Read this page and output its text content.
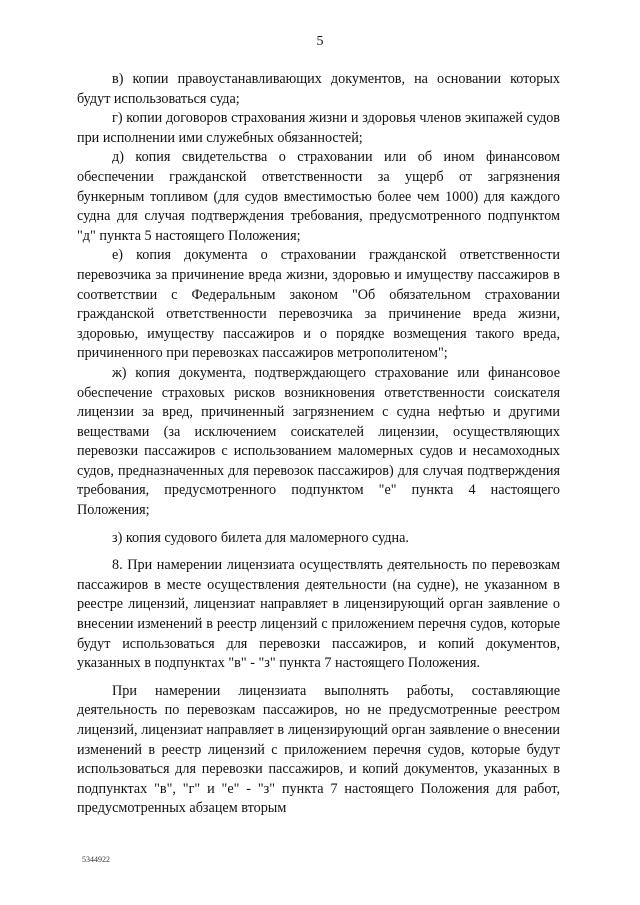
5

в) копии правоустанавливающих документов, на основании которых будут использоваться суда;

г) копии договоров страхования жизни и здоровья членов экипажей судов при исполнении ими служебных обязанностей;

д) копия свидетельства о страховании или об ином финансовом обеспечении гражданской ответственности за ущерб от загрязнения бункерным топливом (для судов вместимостью более чем 1000) для каждого судна для случая подтверждения требования, предусмотренного подпунктом "д" пункта 5 настоящего Положения;

е) копия документа о страховании гражданской ответственности перевозчика за причинение вреда жизни, здоровью и имуществу пассажиров в соответствии с Федеральным законом "Об обязательном страховании гражданской ответственности перевозчика за причинение вреда жизни, здоровью, имуществу пассажиров и о порядке возмещения такого вреда, причиненного при перевозках пассажиров метрополитеном";

ж) копия документа, подтверждающего страхование или финансовое обеспечение страховых рисков возникновения ответственности соискателя лицензии за вред, причиненный загрязнением с судна нефтью и другими веществами (за исключением соискателей лицензии, осуществляющих перевозки пассажиров с использованием маломерных судов и несамоходных судов, предназначенных для перевозок пассажиров) для случая подтверждения требования, предусмотренного подпунктом "е" пункта 4 настоящего Положения;

з) копия судового билета для маломерного судна.

8. При намерении лицензиата осуществлять деятельность по перевозкам пассажиров в месте осуществления деятельности (на судне), не указанном в реестре лицензий, лицензиат направляет в лицензирующий орган заявление о внесении изменений в реестр лицензий с приложением перечня судов, которые будут использоваться для перевозки пассажиров, и копий документов, указанных в подпунктах "в" - "з" пункта 7 настоящего Положения.

При намерении лицензиата выполнять работы, составляющие деятельность по перевозкам пассажиров, но не предусмотренные реестром лицензий, лицензиат направляет в лицензирующий орган заявление о внесении изменений в реестр лицензий с приложением перечня судов, которые будут использоваться для перевозки пассажиров, и копий документов, указанных в подпунктах "в", "г" и "е" - "з" пункта 7 настоящего Положения для работ, предусмотренных абзацем вторым

5344922
